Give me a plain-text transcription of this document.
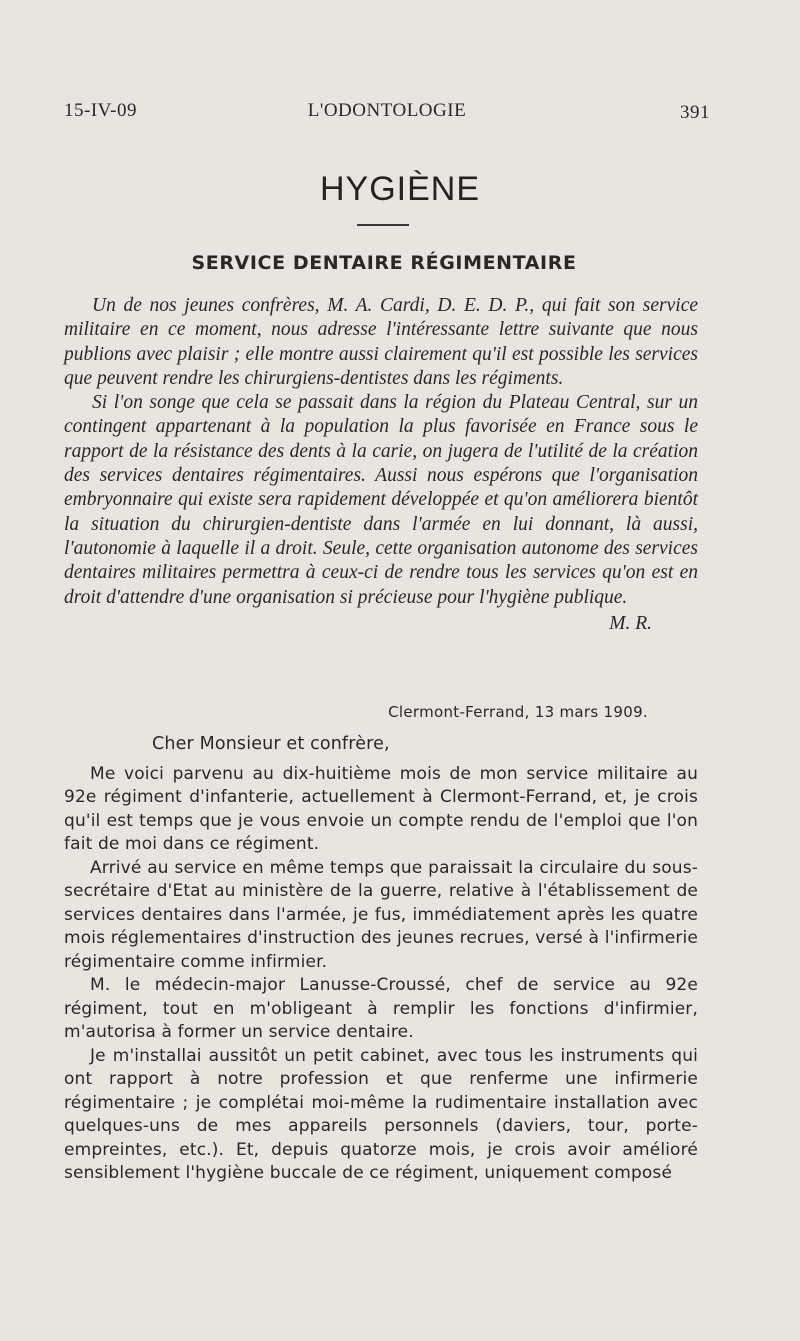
15-IV-09	L'ODONTOLOGIE	391
HYGIÈNE
SERVICE DENTAIRE RÉGIMENTAIRE

Un de nos jeunes confrères, M. A. Cardi, D. E. D. P., qui fait son service militaire en ce moment, nous adresse l'intéressante lettre suivante que nous publions avec plaisir ; elle montre aussi clairement qu'il est possible les services que peuvent rendre les chirurgiens-dentistes dans les régiments.

Si l'on songe que cela se passait dans la région du Plateau Central, sur un contingent appartenant à la population la plus favorisée en France sous le rapport de la résistance des dents à la carie, on jugera de l'utilité de la création des services dentaires régimentaires. Aussi nous espérons que l'organisation embryonnaire qui existe sera rapidement développée et qu'on améliorera bientôt la situation du chirurgien-dentiste dans l'armée en lui donnant, là aussi, l'autonomie à laquelle il a droit. Seule, cette organisation autonome des services dentaires militaires permettra à ceux-ci de rendre tous les services qu'on est en droit d'attendre d'une organisation si précieuse pour l'hygiène publique.

M. R.

Clermont-Ferrand, 13 mars 1909.
Cher Monsieur et confrère,

Me voici parvenu au dix-huitième mois de mon service militaire au 92e régiment d'infanterie, actuellement à Clermont-Ferrand, et, je crois qu'il est temps que je vous envoie un compte rendu de l'emploi que l'on fait de moi dans ce régiment.

Arrivé au service en même temps que paraissait la circulaire du sous-secrétaire d'Etat au ministère de la guerre, relative à l'établissement de services dentaires dans l'armée, je fus, immédiatement après les quatre mois réglementaires d'instruction des jeunes recrues, versé à l'infirmerie régimentaire comme infirmier.

M. le médecin-major Lanusse-Croussé, chef de service au 92e régiment, tout en m'obligeant à remplir les fonctions d'infirmier, m'autorisa à former un service dentaire.

Je m'installai aussitôt un petit cabinet, avec tous les instruments qui ont rapport à notre profession et que renferme une infirmerie régimentaire ; je complétai moi-même la rudimentaire installation avec quelques-uns de mes appareils personnels (daviers, tour, porte-empreintes, etc.). Et, depuis quatorze mois, je crois avoir amélioré sensiblement l'hygiène buccale de ce régiment, uniquement composé
